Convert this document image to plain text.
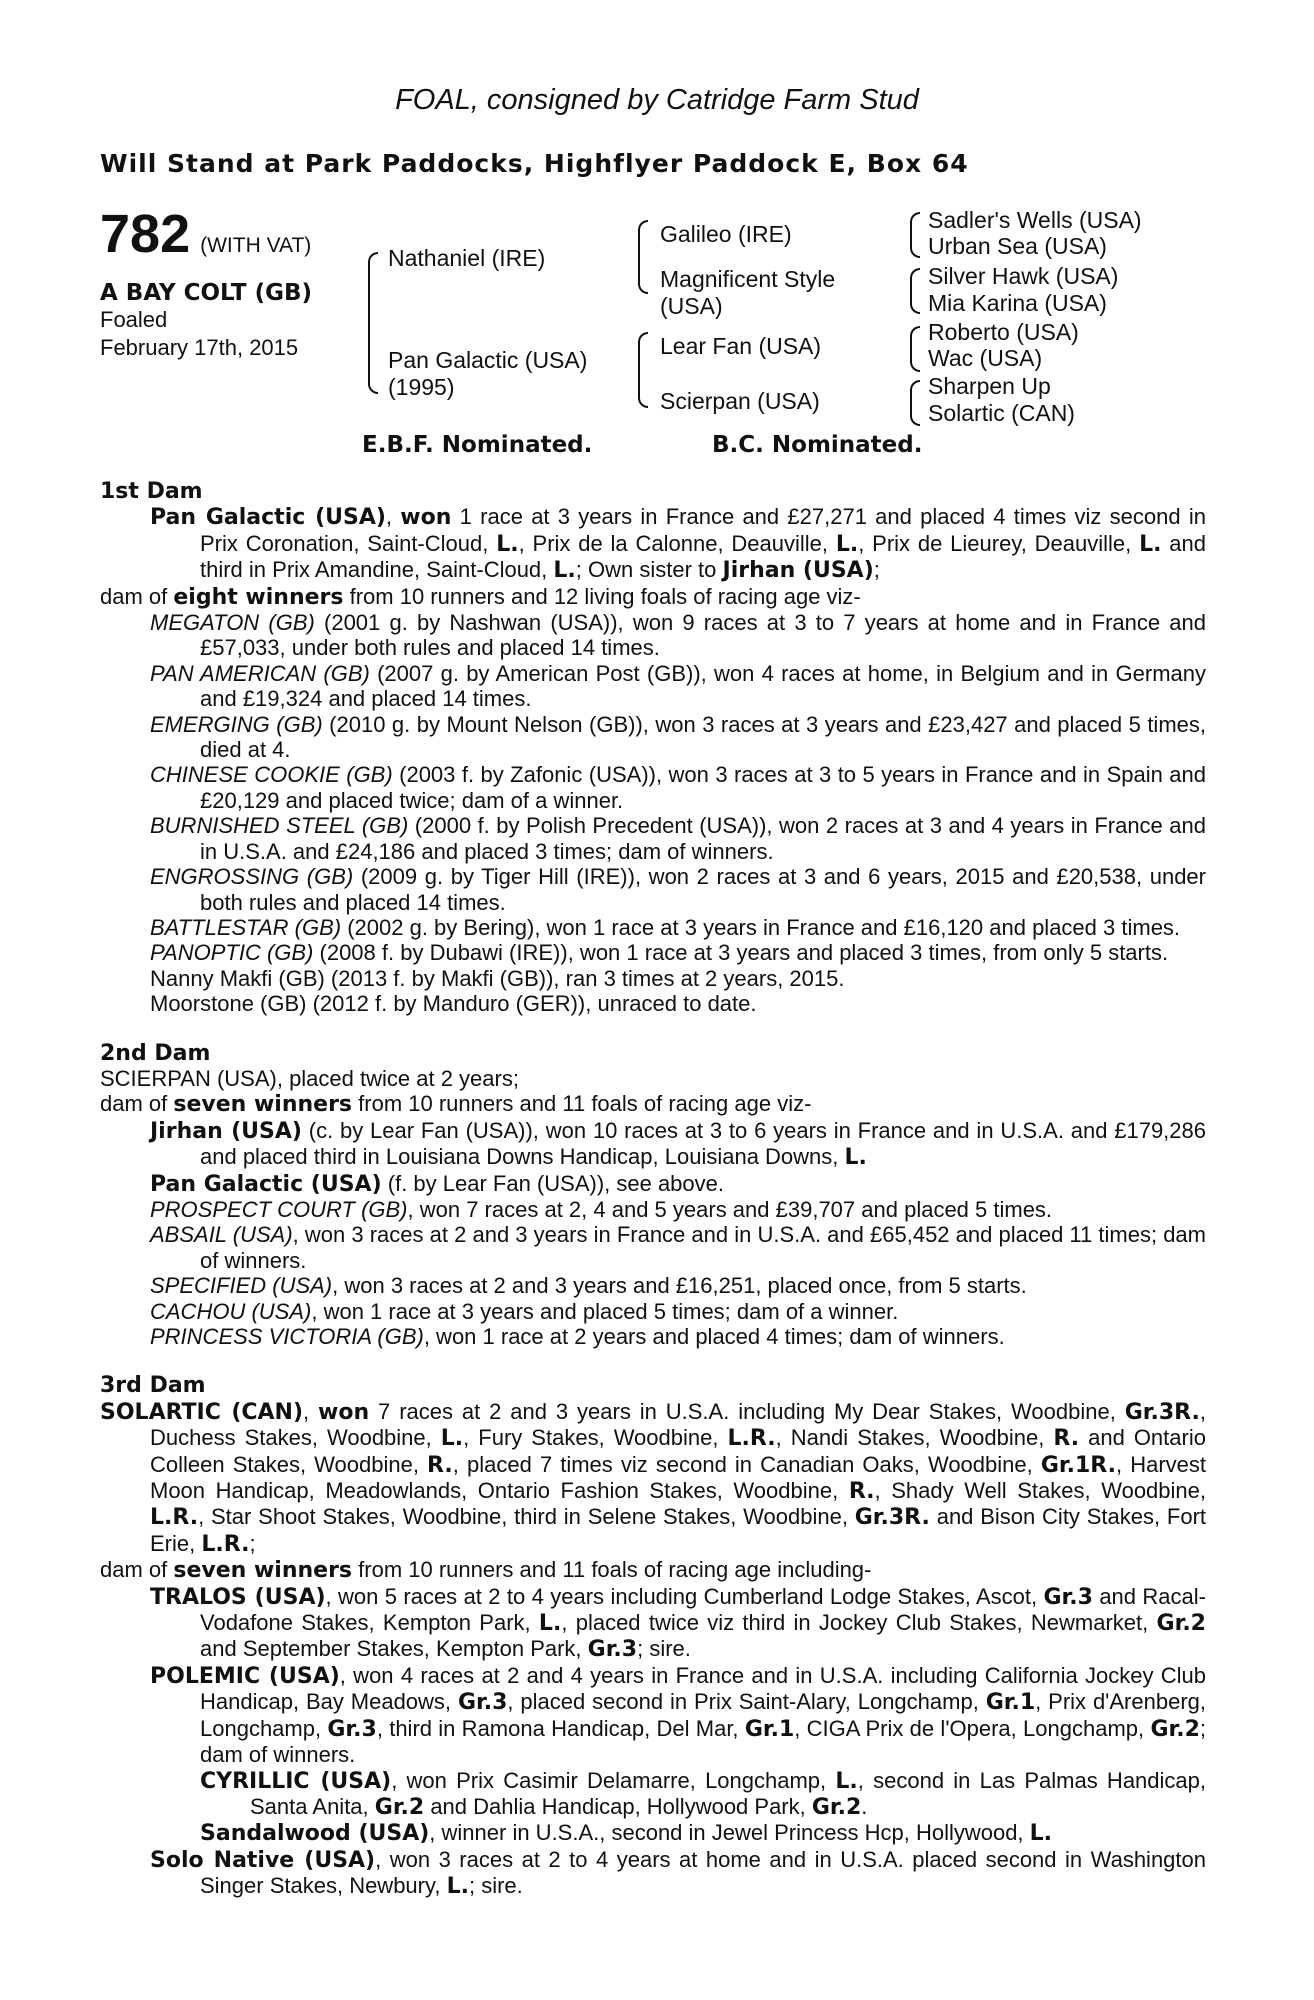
FOAL, consigned by Catridge Farm Stud
Will Stand at Park Paddocks, Highflyer Paddock E, Box 64
782 (WITH VAT)
A BAY COLT (GB)
Foaled
February 17th, 2015
Nathaniel (IRE)
Pan Galactic (USA)
(1995)
Galileo (IRE)
Magnificent Style
(USA)
Lear Fan (USA)
Scierpan (USA)
Sadler's Wells (USA)
Urban Sea (USA)
Silver Hawk (USA)
Mia Karina (USA)
Roberto (USA)
Wac (USA)
Sharpen Up
Solartic (CAN)
E.B.F. Nominated.	B.C. Nominated.
1st Dam
Pan Galactic (USA), won 1 race at 3 years in France and £27,271 and placed 4 times viz second in Prix Coronation, Saint-Cloud, L., Prix de la Calonne, Deauville, L., Prix de Lieurey, Deauville, L. and third in Prix Amandine, Saint-Cloud, L.; Own sister to Jirhan (USA);
dam of eight winners from 10 runners and 12 living foals of racing age viz-
MEGATON (GB) (2001 g. by Nashwan (USA)), won 9 races at 3 to 7 years at home and in France and £57,033, under both rules and placed 14 times.
PAN AMERICAN (GB) (2007 g. by American Post (GB)), won 4 races at home, in Belgium and in Germany and £19,324 and placed 14 times.
EMERGING (GB) (2010 g. by Mount Nelson (GB)), won 3 races at 3 years and £23,427 and placed 5 times, died at 4.
CHINESE COOKIE (GB) (2003 f. by Zafonic (USA)), won 3 races at 3 to 5 years in France and in Spain and £20,129 and placed twice; dam of a winner.
BURNISHED STEEL (GB) (2000 f. by Polish Precedent (USA)), won 2 races at 3 and 4 years in France and in U.S.A. and £24,186 and placed 3 times; dam of winners.
ENGROSSING (GB) (2009 g. by Tiger Hill (IRE)), won 2 races at 3 and 6 years, 2015 and £20,538, under both rules and placed 14 times.
BATTLESTAR (GB) (2002 g. by Bering), won 1 race at 3 years in France and £16,120 and placed 3 times.
PANOPTIC (GB) (2008 f. by Dubawi (IRE)), won 1 race at 3 years and placed 3 times, from only 5 starts.
Nanny Makfi (GB) (2013 f. by Makfi (GB)), ran 3 times at 2 years, 2015.
Moorstone (GB) (2012 f. by Manduro (GER)), unraced to date.
2nd Dam
SCIERPAN (USA), placed twice at 2 years;
dam of seven winners from 10 runners and 11 foals of racing age viz-
Jirhan (USA) (c. by Lear Fan (USA)), won 10 races at 3 to 6 years in France and in U.S.A. and £179,286 and placed third in Louisiana Downs Handicap, Louisiana Downs, L.
Pan Galactic (USA) (f. by Lear Fan (USA)), see above.
PROSPECT COURT (GB), won 7 races at 2, 4 and 5 years and £39,707 and placed 5 times.
ABSAIL (USA), won 3 races at 2 and 3 years in France and in U.S.A. and £65,452 and placed 11 times; dam of winners.
SPECIFIED (USA), won 3 races at 2 and 3 years and £16,251, placed once, from 5 starts.
CACHOU (USA), won 1 race at 3 years and placed 5 times; dam of a winner.
PRINCESS VICTORIA (GB), won 1 race at 2 years and placed 4 times; dam of winners.
3rd Dam
SOLARTIC (CAN), won 7 races at 2 and 3 years in U.S.A. including My Dear Stakes, Woodbine, Gr.3R., Duchess Stakes, Woodbine, L., Fury Stakes, Woodbine, L.R., Nandi Stakes, Woodbine, R. and Ontario Colleen Stakes, Woodbine, R., placed 7 times viz second in Canadian Oaks, Woodbine, Gr.1R., Harvest Moon Handicap, Meadowlands, Ontario Fashion Stakes, Woodbine, R., Shady Well Stakes, Woodbine, L.R., Star Shoot Stakes, Woodbine, third in Selene Stakes, Woodbine, Gr.3R. and Bison City Stakes, Fort Erie, L.R.;
dam of seven winners from 10 runners and 11 foals of racing age including-
TRALOS (USA), won 5 races at 2 to 4 years including Cumberland Lodge Stakes, Ascot, Gr.3 and Racal-Vodafone Stakes, Kempton Park, L., placed twice viz third in Jockey Club Stakes, Newmarket, Gr.2 and September Stakes, Kempton Park, Gr.3; sire.
POLEMIC (USA), won 4 races at 2 and 4 years in France and in U.S.A. including California Jockey Club Handicap, Bay Meadows, Gr.3, placed second in Prix Saint-Alary, Longchamp, Gr.1, Prix d'Arenberg, Longchamp, Gr.3, third in Ramona Handicap, Del Mar, Gr.1, CIGA Prix de l'Opera, Longchamp, Gr.2; dam of winners.
CYRILLIC (USA), won Prix Casimir Delamarre, Longchamp, L., second in Las Palmas Handicap, Santa Anita, Gr.2 and Dahlia Handicap, Hollywood Park, Gr.2.
Sandalwood (USA), winner in U.S.A., second in Jewel Princess Hcp, Hollywood, L.
Solo Native (USA), won 3 races at 2 to 4 years at home and in U.S.A. placed second in Washington Singer Stakes, Newbury, L.; sire.
